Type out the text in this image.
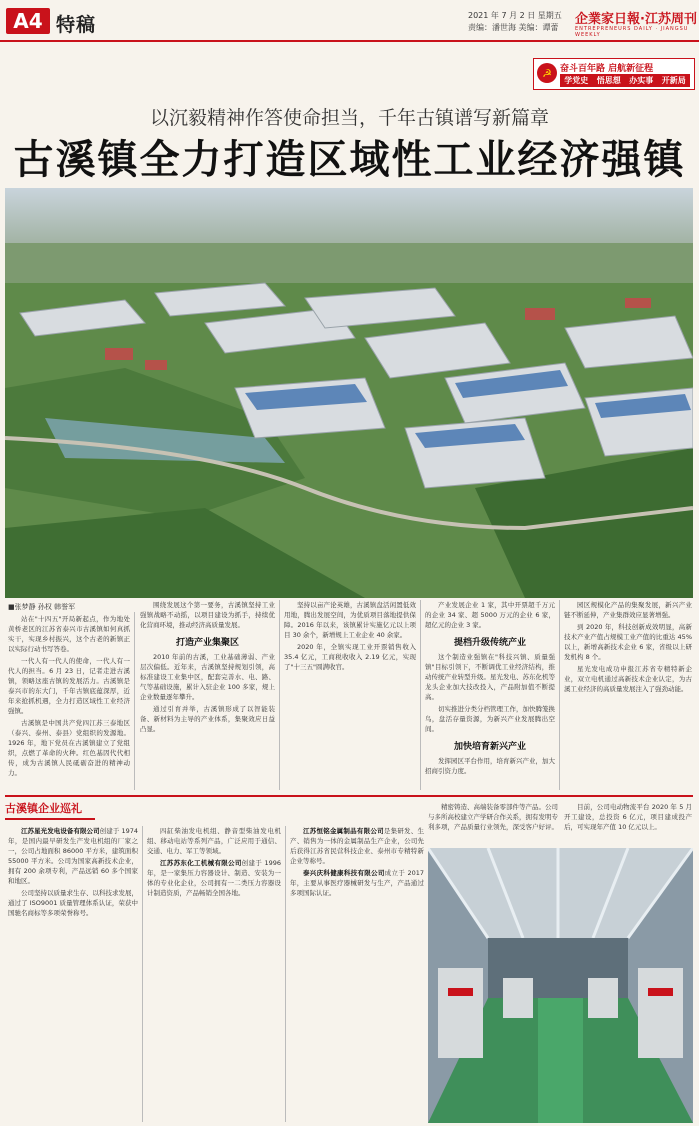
A4 特稿	2021 年 7 月 2 日 星期五
责编：潘世海 美编：谭蕾
企業家日報·江苏周刊
ENTREPRENEURS DAILY · JIANGSU WEEKLY
☭ 奋斗百年路 启航新征程
学党史 悟思想 办实事 开新局
以沉毅精神作答使命担当，千年古镇谱写新篇章
古溪镇全力打造区域性工业经济强镇
■张梦静 孙权 韩誉军

站在"十四五"开局新起点，作为地处黄桥老区的江苏省泰兴市古溪镇如何真抓实干，实现乡村振兴，这个古老的新镇正以实际行动书写答卷。

一代人有一代人的使命，一代人有一代人的担当。6 月 23 日，记者走进古溪镇，领略这座古镇的发展活力。古溪镇是泰兴市的东大门，千年古镇底蕴深厚，近年来抢抓机遇，全力打造区域性工业经济强镇。

古溪镇是中国共产党四江苏三泰地区（泰兴、泰州、泰县）党组织的发源地。1926 年，地下党员在古溪镇建立了党组织，点燃了革命的火种。红色基因代代相传，成为古溪镇人民砥砺奋进的精神动力。

围绕发展这个第一要务，古溪镇坚持工业强镇战略不动摇，以项目建设为抓手，持续优化营商环境，推动经济高质量发展。

打造产业集聚区

2010 年前的古溪，工业基础薄弱、产业层次偏低。近年来，古溪镇坚持规划引领，高标准建设工业集中区，配套完善水、电、路、气等基础设施，累计入驻企业 100 多家，规上企业数量逐年攀升。

通过引育并举，古溪镇形成了以智能装备、新材料为主导的产业体系，集聚效应日益凸显。

坚持以亩产论英雄，古溪镇盘活闲置低效用地，腾出发展空间，为优质项目落地提供保障。2016 年以来，该镇累计实施亿元以上项目 30 余个，新增规上工业企业 40 余家。

2020 年，全镇实现工业开票销售收入 35.4 亿元，工商税收收入 2.19 亿元，实现了"十三五"圆满收官。

产业发展企业 1 家，其中开票超千万元的企业 34 家、超 5000 万元的企业 6 家，超亿元的企业 3 家。

提档升级传统产业

这个制造业强镇在"科技兴镇、质量强镇"目标引领下，不断调优工业经济结构，推动传统产业转型升级。星光发电、苏东化机等龙头企业加大技改投入，产品附加值不断提高。

切实推进分类分档管理工作，加快腾笼换鸟，盘活存量资源，为新兴产业发展腾出空间。

加快培育新兴产业

发挥园区平台作用，培育新兴产业，加大招商引资力度。

园区规模化产品的集聚发展，新兴产业链不断延伸，产业集群效应显著增强。

到 2020 年，科技创新成效明显，高新技术产业产值占规模工业产值的比重达 45% 以上，新增高新技术企业 6 家，省级以上研发机构 8 个。

星光发电成功申报江苏省专精特新企业，双立电机通过高新技术企业认定，为古溪工业经济的高质量发展注入了强劲动能。

古溪镇企业巡礼

江苏星光发电设备有限公司创建于 1974 年，是国内最早研发生产发电机组的厂家之一，公司占地面积 86000 平方米，建筑面积 55000 平方米。公司为国家高新技术企业，拥有 200 余项专利，产品远销 60 多个国家和地区。

公司坚持以质量求生存、以科技求发展，通过了 ISO9001 质量管理体系认证，荣获中国驰名商标等多项荣誉称号。

四缸柴油发电机组、静音型柴油发电机组、移动电站等系列产品，广泛应用于通信、交通、电力、军工等领域。

江苏苏东化工机械有限公司创建于 1996 年，是一家集压力容器设计、制造、安装为一体的专业化企业，公司拥有一二类压力容器设计制造资质，产品畅销全国各地。

江苏恒铭金属制品有限公司是集研发、生产、销售为一体的金属制品生产企业，公司先后获得江苏省民营科技企业、泰州市专精特新企业等称号。

泰兴庆科健康科技有限公司成立于 2017 年，主要从事医疗器械研发与生产，产品通过多项国际认证。

精密铸造、高端装备零部件等产品。公司与多所高校建立产学研合作关系，拥有发明专利多项，产品质量行业领先，深受客户好评。

目前，公司电动物流平台 2020 年 5 月开工建设，总投资 6 亿元，项目建成投产后，可实现年产值 10 亿元以上。
